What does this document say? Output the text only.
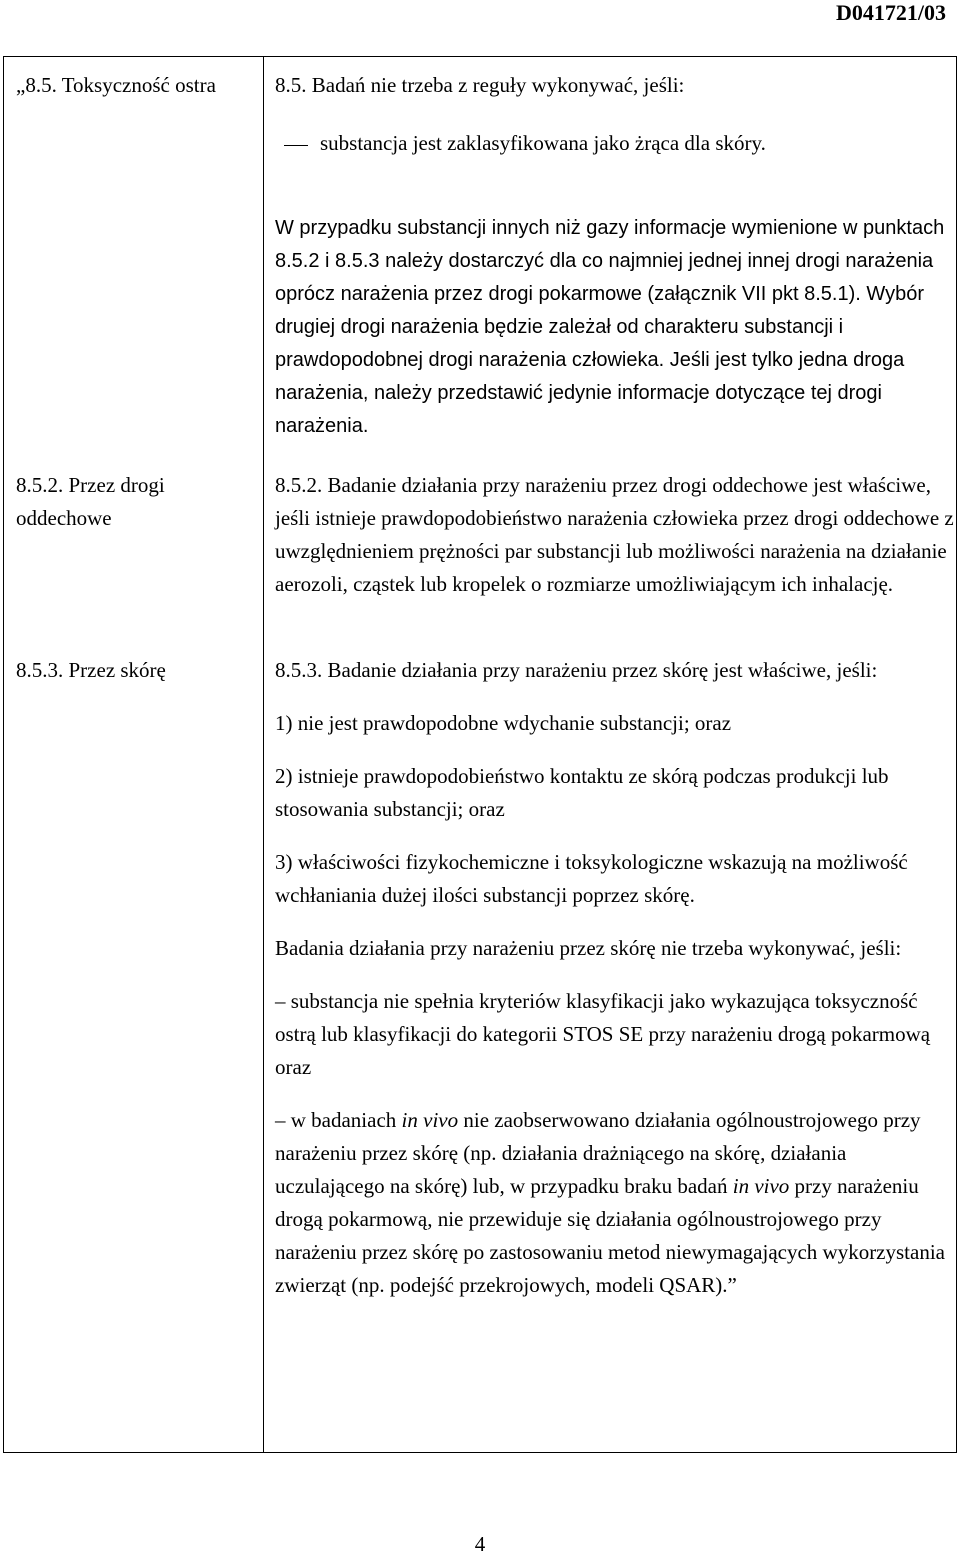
D041721/03
„8.5. Toksyczność ostra	8.5. Badań nie trzeba z reguły wykonywać, jeśli:

substancja jest zaklasyfikowana jako żrąca dla skóry.

W przypadku substancji innych niż gazy informacje wymienione w punktach 8.5.2 i 8.5.3 należy dostarczyć dla co najmniej jednej innej drogi narażenia oprócz narażenia przez drogi pokarmowe (załącznik VII pkt 8.5.1). Wybór drugiej drogi narażenia będzie zależał od charakteru substancji i prawdopodobnej drogi narażenia człowieka. Jeśli jest tylko jedna droga narażenia, należy przedstawić jedynie informacje dotyczące tej drogi narażenia.

8.5.2. Przez drogi oddechowe

8.5.2. Badanie działania przy narażeniu przez drogi oddechowe jest właściwe, jeśli istnieje prawdopodobieństwo narażenia człowieka przez drogi oddechowe z uwzględnieniem prężności par substancji lub możliwości narażenia na działanie aerozoli, cząstek lub kropelek o rozmiarze umożliwiającym ich inhalację.

8.5.3. Przez skórę	8.5.3. Badanie działania przy narażeniu przez skórę jest właściwe, jeśli:

1) nie jest prawdopodobne wdychanie substancji; oraz

2) istnieje prawdopodobieństwo kontaktu ze skórą podczas produkcji lub stosowania substancji; oraz

3) właściwości fizykochemiczne i toksykologiczne wskazują na możliwość wchłaniania dużej ilości substancji poprzez skórę.

Badania działania przy narażeniu przez skórę nie trzeba wykonywać, jeśli:

– substancja nie spełnia kryteriów klasyfikacji jako wykazująca toksyczność ostrą lub klasyfikacji do kategorii STOS SE przy narażeniu drogą pokarmową oraz

– w badaniach in vivo nie zaobserwowano działania ogólnoustrojowego przy narażeniu przez skórę (np. działania drażniącego na skórę, działania uczulającego na skórę) lub, w przypadku braku badań in vivo przy narażeniu drogą pokarmową, nie przewiduje się działania ogólnoustrojowego przy narażeniu przez skórę po zastosowaniu metod niewymagających wykorzystania zwierząt (np. podejść przekrojowych, modeli QSAR).”

4
